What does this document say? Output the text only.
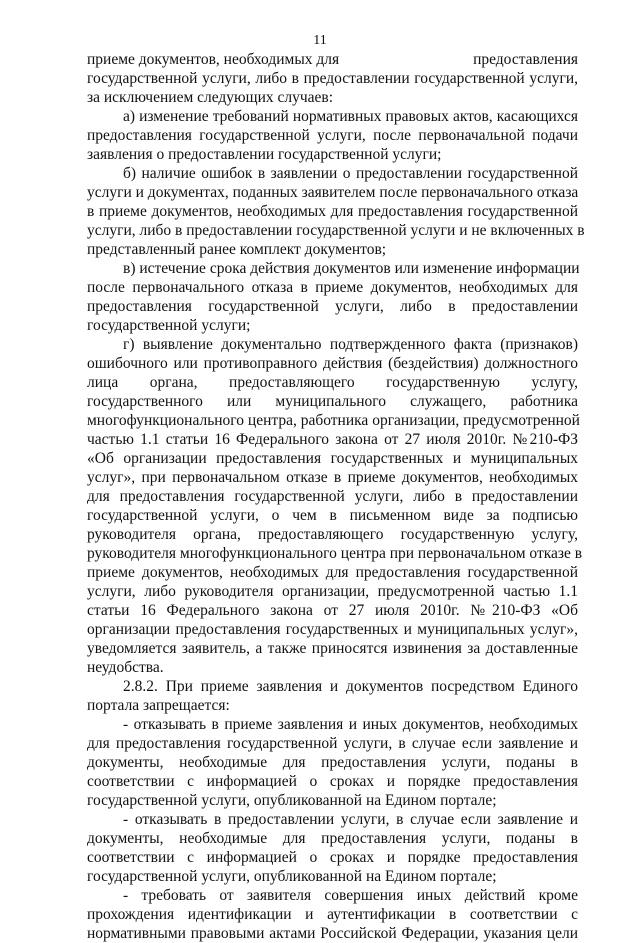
11
приеме документов, необходимых для	предоставления
государственной услуги, либо в предоставлении государственной услуги,
за исключением следующих случаев:
а) изменение требований нормативных правовых актов, касающихся
предоставления государственной услуги, после первоначальной подачи
заявления о предоставлении государственной услуги;
б) наличие ошибок в заявлении о предоставлении государственной
услуги и документах, поданных заявителем после первоначального отказа
в приеме документов, необходимых для предоставления государственной
услуги, либо в предоставлении государственной услуги и не включенных в
представленный ранее комплект документов;
в) истечение срока действия документов или изменение информации
после первоначального отказа в приеме документов, необходимых для
предоставления государственной услуги, либо в предоставлении
государственной услуги;
г) выявление документально подтвержденного факта (признаков)
ошибочного или противоправного действия (бездействия) должностного
лица органа, предоставляющего государственную услугу,
государственного или муниципального служащего, работника
многофункционального центра, работника организации, предусмотренной
частью 1.1 статьи 16 Федерального закона от 27 июля 2010г. №210-ФЗ
«Об организации предоставления государственных и муниципальных
услуг», при первоначальном отказе в приеме документов, необходимых
для предоставления государственной услуги, либо в предоставлении
государственной услуги, о чем в письменном виде за подписью
руководителя органа, предоставляющего государственную услугу,
руководителя многофункционального центра при первоначальном отказе в
приеме документов, необходимых для предоставления государственной
услуги, либо руководителя организации, предусмотренной частью 1.1
статьи 16 Федерального закона от 27 июля 2010г. №210-ФЗ «Об
организации предоставления государственных и муниципальных услуг»,
уведомляется заявитель, а также приносятся извинения за доставленные
неудобства.
2.8.2. При приеме заявления и документов посредством Единого
портала запрещается:
- отказывать в приеме заявления и иных документов, необходимых
для предоставления государственной услуги, в случае если заявление и
документы, необходимые для предоставления услуги, поданы в
соответствии с информацией о сроках и порядке предоставления
государственной услуги, опубликованной на Едином портале;
- отказывать в предоставлении услуги, в случае если заявление и
документы, необходимые для предоставления услуги, поданы в
соответствии с информацией о сроках и порядке предоставления
государственной услуги, опубликованной на Едином портале;
- требовать от заявителя совершения иных действий кроме
прохождения идентификации и аутентификации в соответствии с
нормативными правовыми актами Российской Федерации, указания цели
